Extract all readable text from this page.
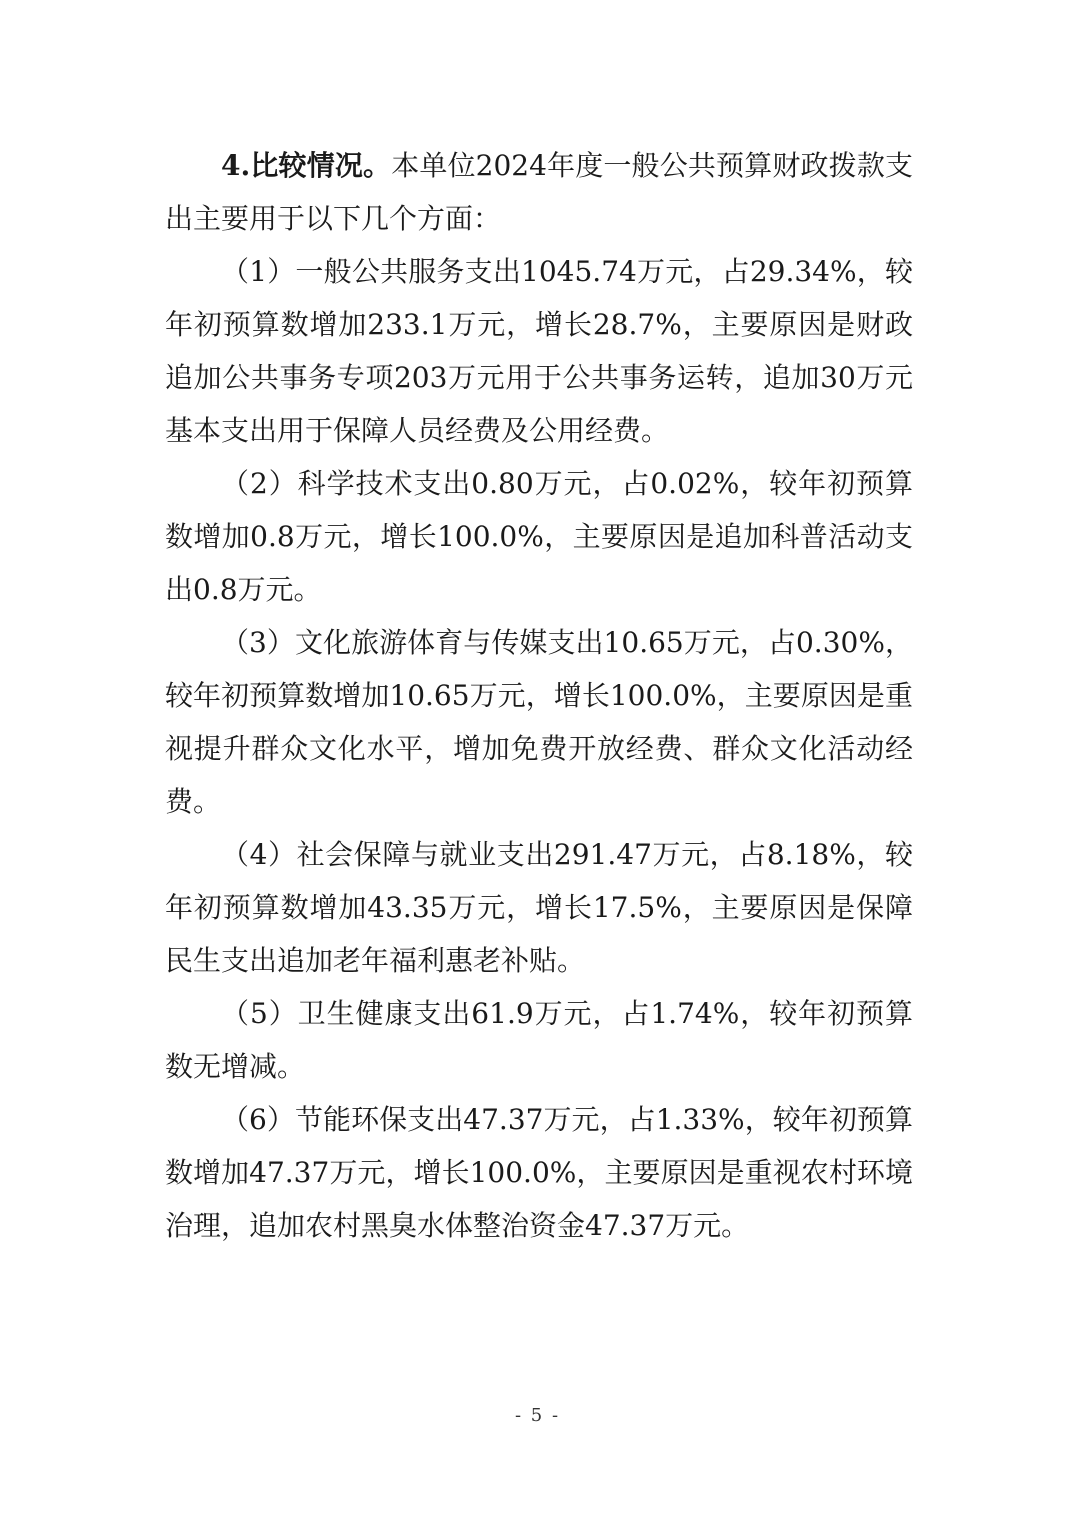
4.比较情况。本单位2024年度一般公共预算财政拨款支出主要用于以下几个方面：

（1）一般公共服务支出1045.74万元，占29.34%，较年初预算数增加233.1万元，增长28.7%，主要原因是财政追加公共事务专项203万元用于公共事务运转，追加30万元基本支出用于保障人员经费及公用经费。

（2）科学技术支出0.80万元，占0.02%，较年初预算数增加0.8万元，增长100.0%，主要原因是追加科普活动支出0.8万元。

（3）文化旅游体育与传媒支出10.65万元，占0.30%，较年初预算数增加10.65万元，增长100.0%，主要原因是重视提升群众文化水平，增加免费开放经费、群众文化活动经费。

（4）社会保障与就业支出291.47万元，占8.18%，较年初预算数增加43.35万元，增长17.5%，主要原因是保障民生支出追加老年福利惠老补贴。

（5）卫生健康支出61.9万元，占1.74%，较年初预算数无增减。

（6）节能环保支出47.37万元，占1.33%，较年初预算数增加47.37万元，增长100.0%，主要原因是重视农村环境治理，追加农村黑臭水体整治资金47.37万元。

- 5 -
